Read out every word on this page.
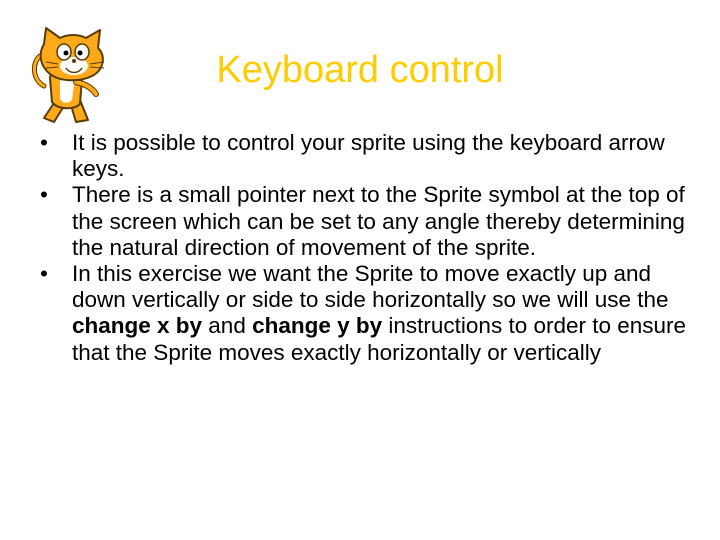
Keyboard control
• It is possible to control your sprite using the keyboard arrow keys.
• There is a small pointer next to the Sprite symbol at the top of the screen which can be set to any angle thereby determining the natural direction of movement of the sprite.
• In this exercise we want the Sprite to move exactly up and down vertically or side to side horizontally so we will use the change x by and change y by instructions to order to ensure that the Sprite moves exactly horizontally or vertically
